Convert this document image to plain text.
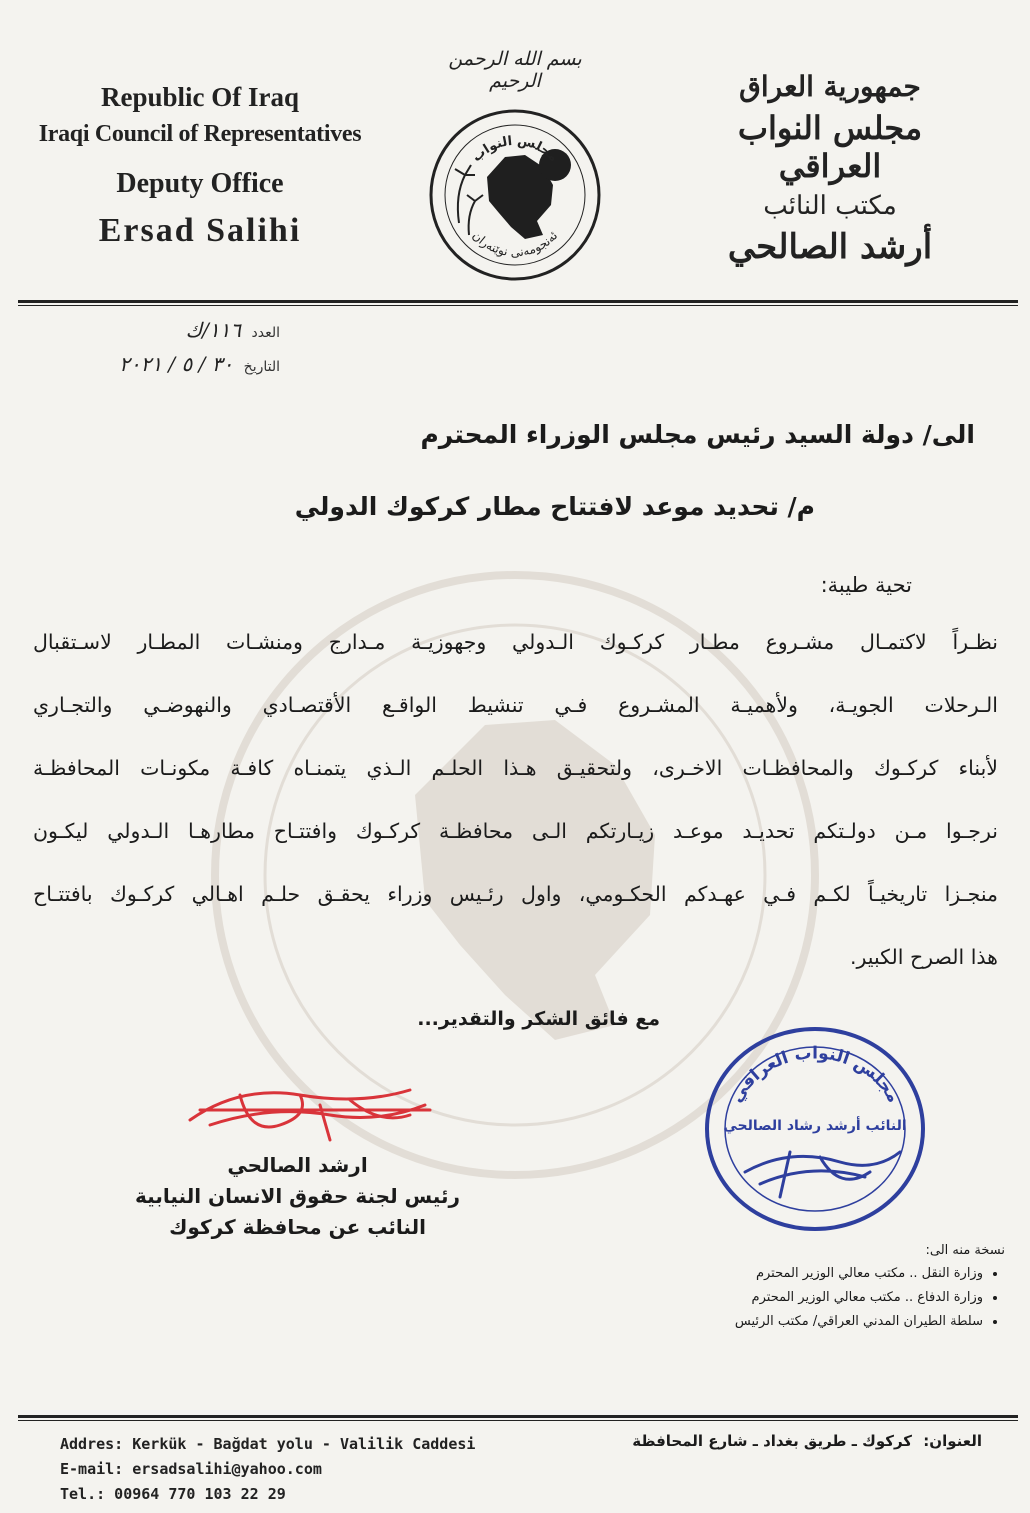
Republic Of Iraq
Iraqi Council of Representatives
Deputy Office
Ersad Salihi
بسم الله الرحمن الرحيم
مجلس النواب
ئەنجومەنی نوێنەران
جمهورية العراق
مجلس النواب العراقي
مكتب النائب
أرشد الصالحي
العدد ١١٦/ك
التاريخ ٣٠ / ٥ / ٢٠٢١
الى/ دولة السيد رئيس مجلس الوزراء المحترم
م/ تحديد موعد لافتتاح مطار كركوك الدولي
تحية طيبة:
نظـراً لاكتمـال مشـروع مطـار كركـوك الـدولي وجهوزيـة مـدارج ومنشـات المطـار لاسـتقبال
الـرحلات الجويـة، ولأهميـة المشـروع فـي تنشيط الواقـع الأقتصـادي والنهوضـي والتجـاري
لأبناء كركـوك والمحافظـات الاخـرى، ولتحقيـق هـذا الحلـم الـذي يتمنـاه كافـة مكونـات المحافظـة
نرجـوا مـن دولـتكم تحديـد موعـد زيـارتكم الـى محافظـة كركـوك وافتتـاح مطارهـا الـدولي ليكـون
منجـزا تاريخيـاً لكـم فـي عهـدكم الحكـومي، واول رئـيس وزراء يحقـق حلـم اهـالي كركـوك بافتتـاح
هذا الصرح الكبير.
مع فائق الشكر والتقدير...
ارشد الصالحي
رئيس لجنة حقوق الانسان النيابية
النائب عن محافظة كركوك
مجلس النواب العراقي
النائب أرشد رشاد الصالحي
نسخة منه الى:
• وزارة النقل .. مكتب معالي الوزير المحترم
• وزارة الدفاع .. مكتب معالي الوزير المحترم
• سلطة الطيران المدني العراقي/ مكتب الرئيس
Addres: Kerkük - Bağdat yolu - Valilik Caddesi
E-mail: ersadsalihi@yahoo.com
Tel.: 00964 770 103 22 29
العنوان: كركوك ـ طريق بغداد ـ شارع المحافظة
